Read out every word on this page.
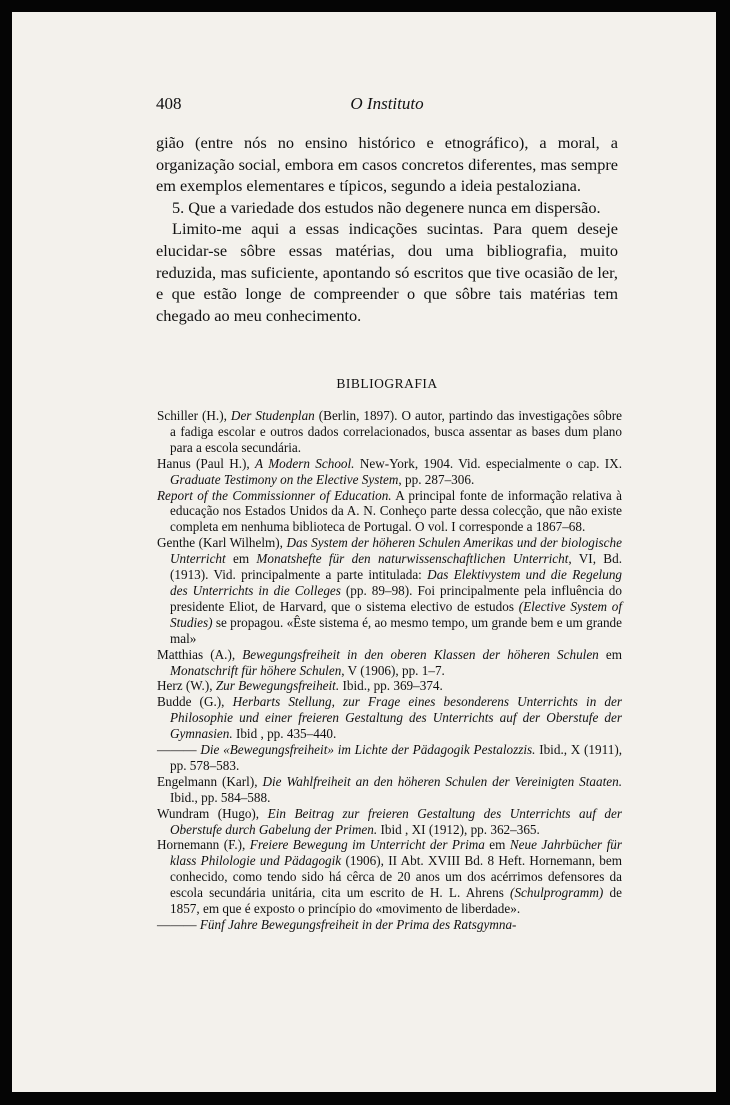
408	O Instituto

gião (entre nós no ensino histórico e etnográfico), a moral, a organização social, embora em casos concretos diferentes, mas sempre em exemplos elementares e típicos, segundo a ideia pestaloziana.

5. Que a variedade dos estudos não degenere nunca em dispersão.

Limito-me aqui a essas indicações sucintas. Para quem deseje elucidar-se sôbre essas matérias, dou uma bibliografia, muito reduzida, mas suficiente, apontando só escritos que tive ocasião de ler, e que estão longe de compreender o que sôbre tais matérias tem chegado ao meu conhecimento.

BIBLIOGRAFIA

Schiller (H.), Der Studenplan (Berlin, 1897). O autor, partindo das investigações sôbre a fadiga escolar e outros dados correlacionados, busca assentar as bases dum plano para a escola secundária.

Hanus (Paul H.), A Modern School. New-York, 1904. Vid. especialmente o cap. IX. Graduate Testimony on the Elective System, pp. 287–306.

Report of the Commissionner of Education. A principal fonte de informação relativa à educação nos Estados Unidos da A. N. Conheço parte dessa colecção, que não existe completa em nenhuma biblioteca de Portugal. O vol. I corresponde a 1867–68.

Genthe (Karl Wilhelm), Das System der höheren Schulen Amerikas und der biologische Unterricht em Monatshefte für den naturwissenschaftlichen Unterricht, VI, Bd. (1913). Vid. principalmente a parte intitulada: Das Elektivystem und die Regelung des Unterrichts in die Colleges (pp. 89–98). Foi principalmente pela influência do presidente Eliot, de Harvard, que o sistema electivo de estudos (Elective System of Studies) se propagou. «Êste sistema é, ao mesmo tempo, um grande bem e um grande mal»

Matthias (A.), Bewegungsfreiheit in den oberen Klassen der höheren Schulen em Monatschrift für höhere Schulen, V (1906), pp. 1–7.

Herz (W.), Zur Bewegungsfreiheit. Ibid., pp. 369–374.

Budde (G.), Herbarts Stellung, zur Frage eines besonderens Unterrichts in der Philosophie und einer freieren Gestaltung des Unterrichts auf der Oberstufe der Gymnasien. Ibid , pp. 435–440.

——— Die «Bewegungsfreiheit» im Lichte der Pädagogik Pestalozzis. Ibid., X (1911), pp. 578–583.

Engelmann (Karl), Die Wahlfreiheit an den höheren Schulen der Vereinigten Staaten. Ibid., pp. 584–588.

Wundram (Hugo), Ein Beitrag zur freieren Gestaltung des Unterrichts auf der Oberstufe durch Gabelung der Primen. Ibid , XI (1912), pp. 362–365.

Hornemann (F.), Freiere Bewegung im Unterricht der Prima em Neue Jahrbücher für klass Philologie und Pädagogik (1906), II Abt. XVIII Bd. 8 Heft. Hornemann, bem conhecido, como tendo sido há cêrca de 20 anos um dos acérrimos defensores da escola secundária unitária, cita um escrito de H. L. Ahrens (Schulprogramm) de 1857, em que é exposto o princípio do «movimento de liberdade».

——— Fünf Jahre Bewegungsfreiheit in der Prima des Ratsgymna-
